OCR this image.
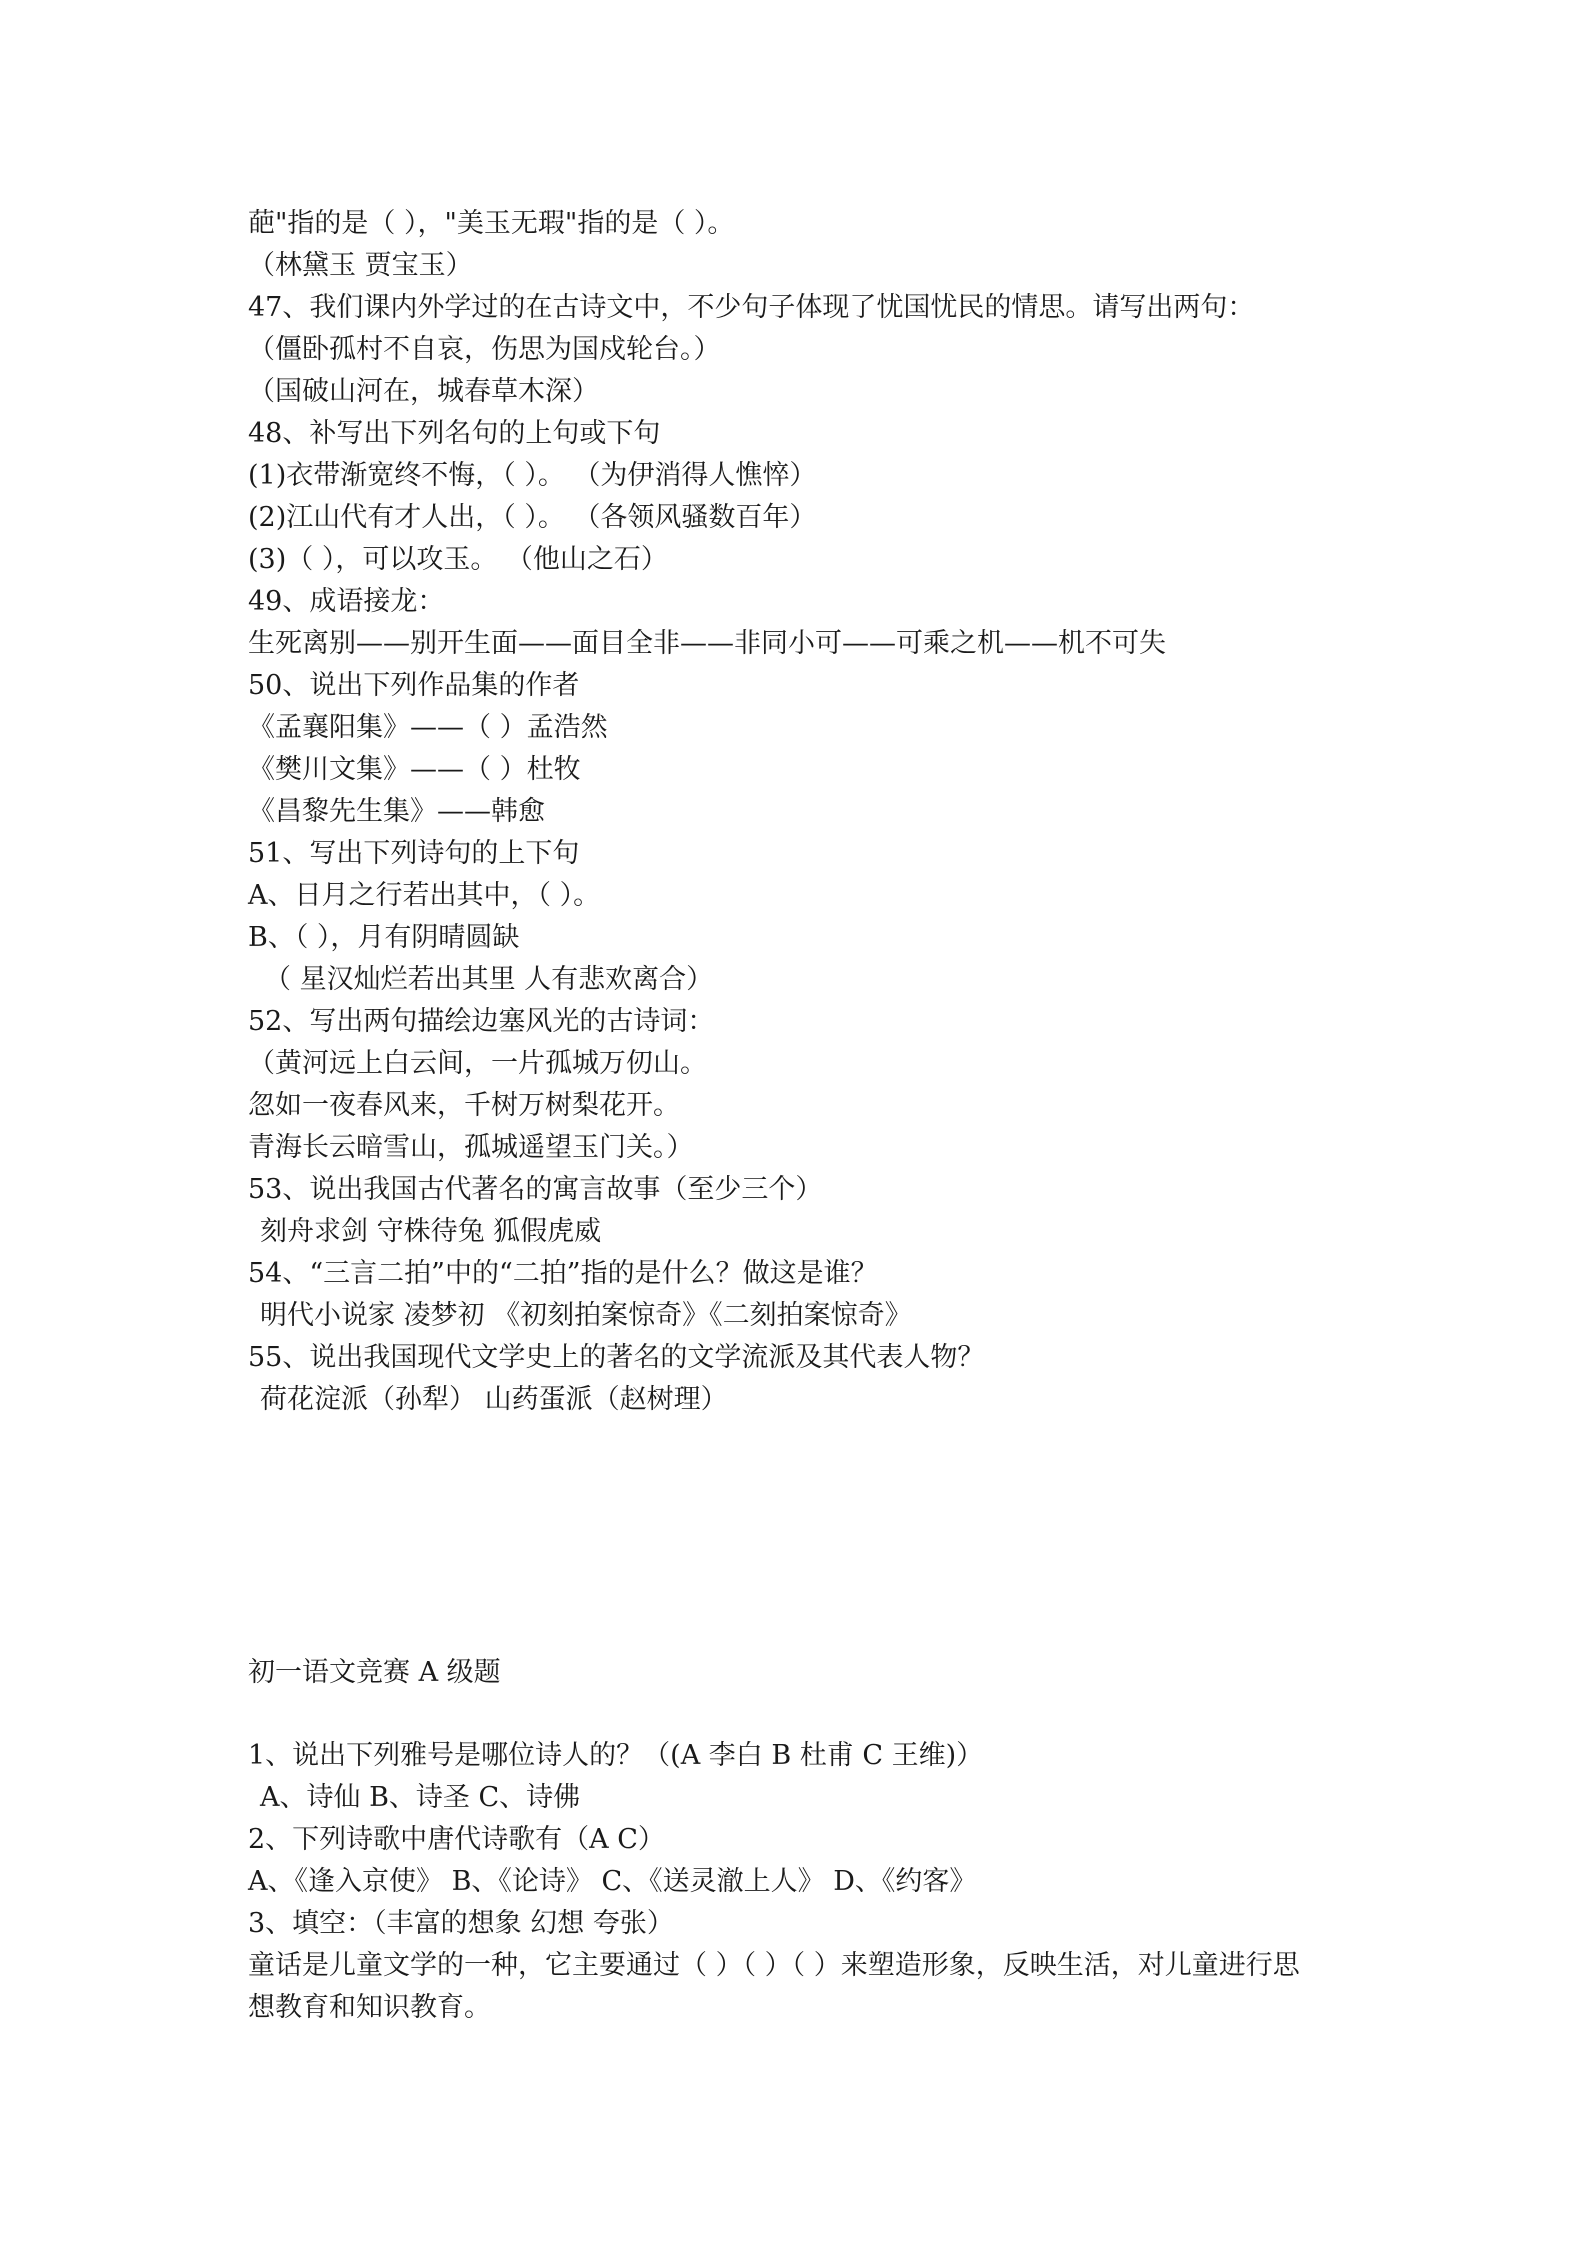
葩"指的是（ ），"美玉无瑕"指的是（ ）。
（林黛玉 贾宝玉）
47、我们课内外学过的在古诗文中，不少句子体现了忧国忧民的情思。请写出两句：
（僵卧孤村不自哀，伤思为国戍轮台。）
（国破山河在，城春草木深）
48、补写出下列名句的上句或下句
(1)衣带渐宽终不悔，（ ）。 （为伊消得人憔悴）
(2)江山代有才人出，（ ）。 （各领风骚数百年）
(3)（ ），可以攻玉。 （他山之石）
49、成语接龙：
生死离别——别开生面——面目全非——非同小可——可乘之机——机不可失
50、说出下列作品集的作者
《孟襄阳集》——（ ）孟浩然
《樊川文集》——（ ）杜牧
《昌黎先生集》——韩愈
51、写出下列诗句的上下句
A、日月之行若出其中，（ ）。
B、（ ），月有阴晴圆缺
（ 星汉灿烂若出其里 人有悲欢离合）
52、写出两句描绘边塞风光的古诗词：
（黄河远上白云间，一片孤城万仞山。
忽如一夜春风来，千树万树梨花开。
青海长云暗雪山，孤城遥望玉门关。）
53、说出我国古代著名的寓言故事（至少三个）
刻舟求剑 守株待兔 狐假虎威
54、“三言二拍”中的“二拍”指的是什么？做这是谁？
明代小说家 凌梦初 《初刻拍案惊奇》《二刻拍案惊奇》
55、说出我国现代文学史上的著名的文学流派及其代表人物？
荷花淀派（孙犁） 山药蛋派（赵树理）
初一语文竞赛 A 级题
1、说出下列雅号是哪位诗人的？（(A 李白 B 杜甫 C 王维)）
A、诗仙 B、诗圣 C、诗佛
2、下列诗歌中唐代诗歌有（A C）
A、《逢入京使》 B、《论诗》 C、《送灵澈上人》 D、《约客》
3、填空：（丰富的想象 幻想 夸张）
童话是儿童文学的一种，它主要通过（ ）（ ）（ ）来塑造形象，反映生活，对儿童进行思
想教育和知识教育。
